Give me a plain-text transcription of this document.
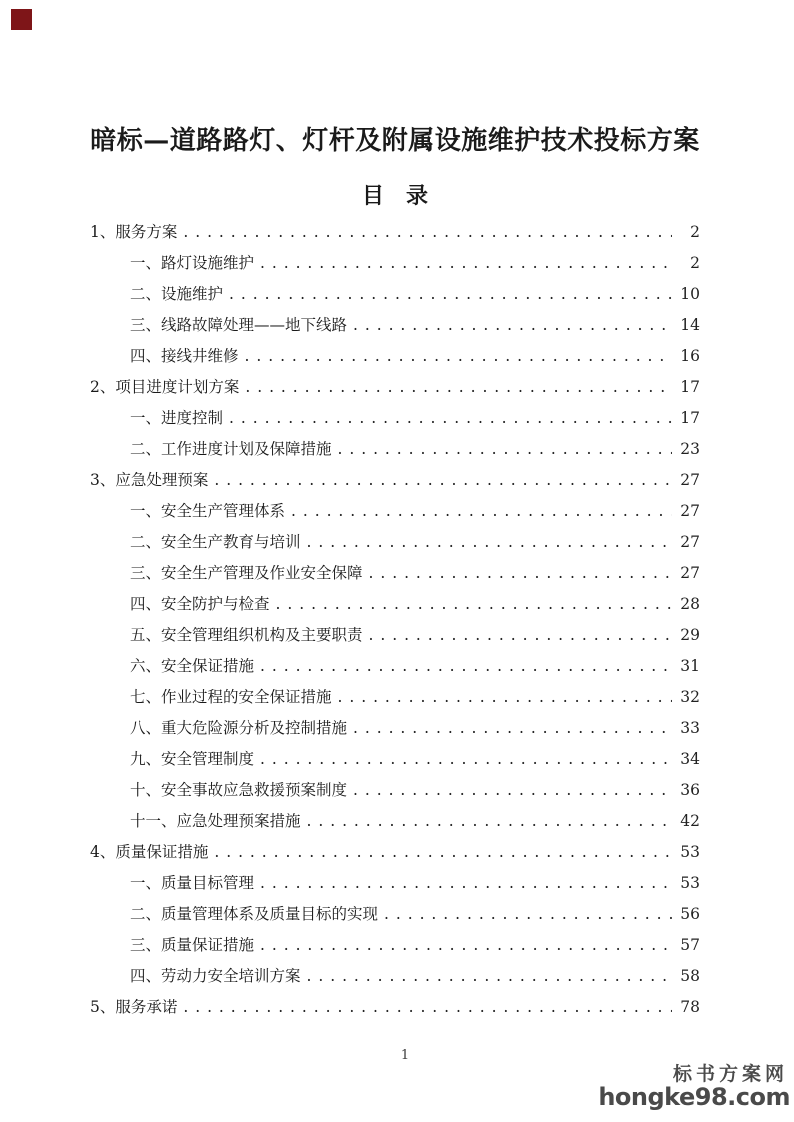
暗标—道路路灯、灯杆及附属设施维护技术投标方案
目　录
1、服务方案 . . .	2
一、路灯设施维护 . . .	2
二、设施维护 . . .	10
三、线路故障处理——地下线路 . . .	14
四、接线井维修 . . .	16
2、项目进度计划方案 . . .	17
一、进度控制 . . .	17
二、工作进度计划及保障措施 . . .	23
3、应急处理预案 . . .	27
一、安全生产管理体系 . . .	27
二、安全生产教育与培训 . . .	27
三、安全生产管理及作业安全保障 . . .	27
四、安全防护与检查 . . .	28
五、安全管理组织机构及主要职责 . . .	29
六、安全保证措施 . . .	31
七、作业过程的安全保证措施 . . .	32
八、重大危险源分析及控制措施 . . .	33
九、安全管理制度 . . .	34
十、安全事故应急救援预案制度 . . .	36
十一、应急处理预案措施 . . .	42
4、质量保证措施 . . .	53
一、质量目标管理 . . .	53
二、质量管理体系及质量目标的实现 . . .	56
三、质量保证措施 . . .	57
四、劳动力安全培训方案 . . .	58
5、服务承诺 . . .	78
1
标书方案网
hongke98.com
